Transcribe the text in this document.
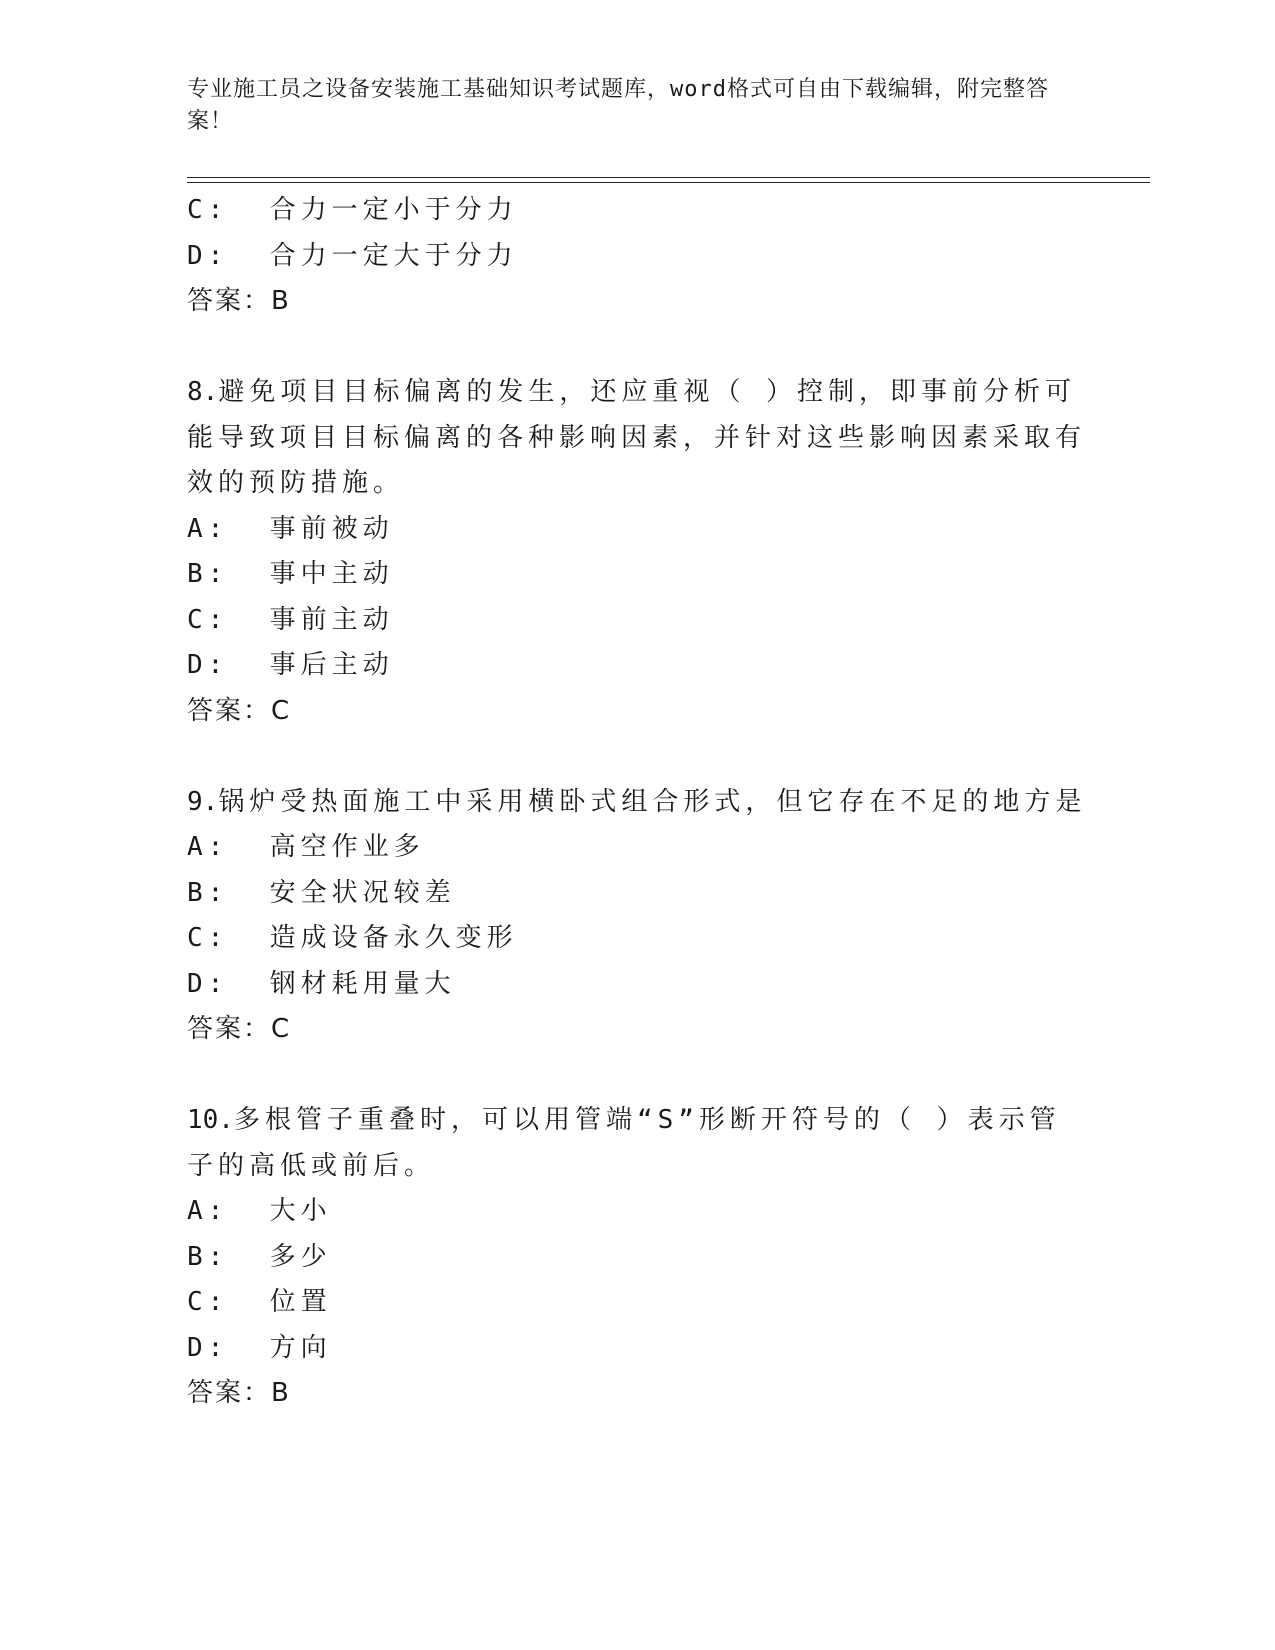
专业施工员之设备安装施工基础知识考试题库，word格式可自由下载编辑，附完整答案！
C:  合力一定小于分力
D:  合力一定大于分力
答案：B
8.避免项目目标偏离的发生，还应重视（ ）控制，即事前分析可能导致项目目标偏离的各种影响因素，并针对这些影响因素采取有效的预防措施。
A:  事前被动
B:  事中主动
C:  事前主动
D:  事后主动
答案：C
9.锅炉受热面施工中采用横卧式组合形式，但它存在不足的地方是
A:  高空作业多
B:  安全状况较差
C:  造成设备永久变形
D:  钢材耗用量大
答案：C
10.多根管子重叠时，可以用管端“S”形断开符号的（ ）表示管子的高低或前后。
A:  大小
B:  多少
C:  位置
D:  方向
答案：B
